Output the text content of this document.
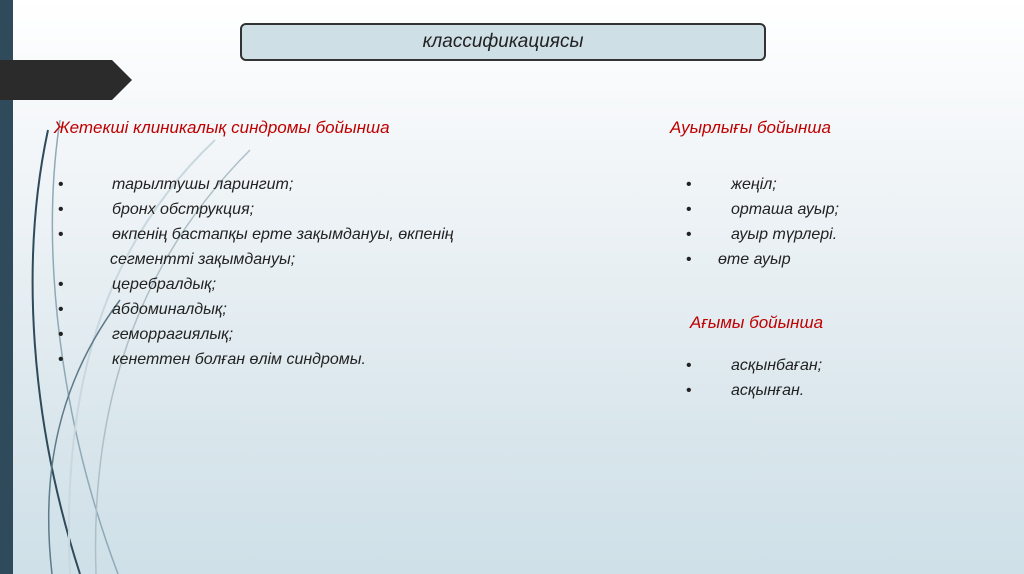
классификациясы
Жетекші клиникалық синдромы бойынша
•	тарылтушы ларингит;
•	бронх обструкция;
•	өкпенің бастапқы ерте зақымдануы, өкпенің
сегментті зақымдануы;
•	церебралдық;
•	абдоминалдық;
•	геморрагиялық;
•	кенеттен болған өлім синдромы.
Ауырлығы бойынша
•	жеңіл;
•	орташа ауыр;
•	ауыр түрлері.
•	өте ауыр
Ағымы бойынша
•	асқынбаған;
•	асқынған.
